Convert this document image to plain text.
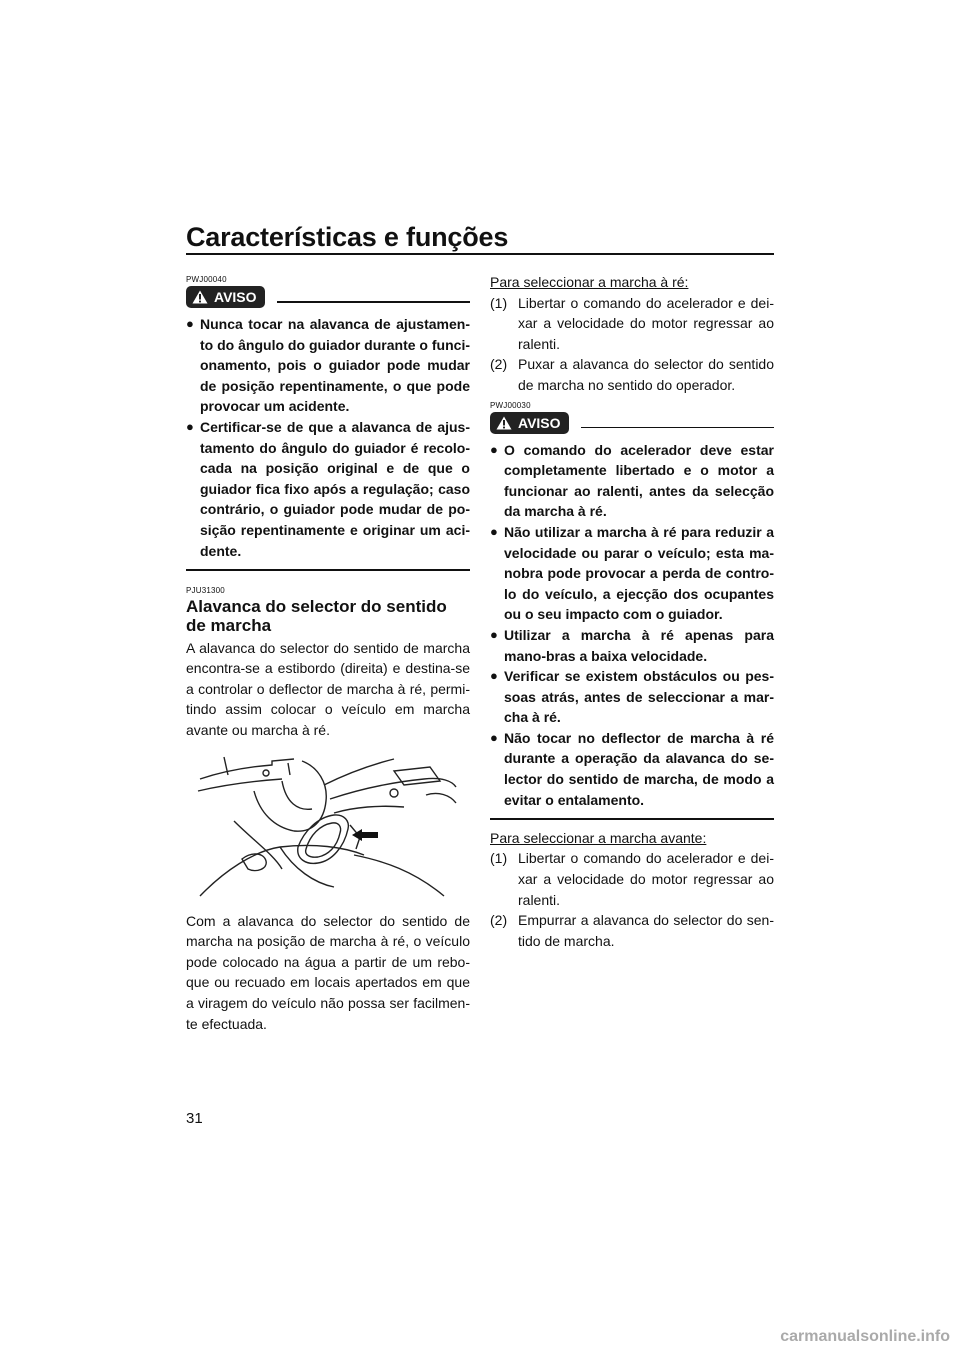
Características e funções

PWJ00040

AVISO
● Nunca tocar na alavanca de ajustamen-to do ângulo do guiador durante o funci-onamento, pois o guiador pode mudar de posição repentinamente, o que pode provocar um acidente.
● Certificar-se de que a alavanca de ajus-tamento do ângulo do guiador é recolo-cada na posição original e de que o guiador fica fixo após a regulação; caso contrário, o guiador pode mudar de po-sição repentinamente e originar um aci-dente.

PJU31300

Alavanca do selector do sentido de marcha

A alavanca do selector do sentido de marcha encontra-se a estibordo (direita) e destina-se a controlar o deflector de marcha à ré, permi-tindo assim colocar o veículo em marcha avante ou marcha à ré.

Com a alavanca do selector do sentido de marcha na posição de marcha à ré, o veículo pode colocado na água a partir de um rebo-que ou recuado em locais apertados em que a viragem do veículo não possa ser facilmen-te efectuada.

Para seleccionar a marcha à ré:

(1) Libertar o comando do acelerador e dei-xar a velocidade do motor regressar ao ralenti.
(2) Puxar a alavanca do selector do sentido de marcha no sentido do operador.

PWJ00030

AVISO
● O comando do acelerador deve estar completamente libertado e o motor a funcionar ao ralenti, antes da selecção da marcha à ré.
● Não utilizar a marcha à ré para reduzir a velocidade ou parar o veículo; esta ma-nobra pode provocar a perda de contro-lo do veículo, a ejecção dos ocupantes ou o seu impacto com o guiador.
● Utilizar a marcha à ré apenas para mano-bras a baixa velocidade.
● Verificar se existem obstáculos ou pes-soas atrás, antes de seleccionar a mar-cha à ré.
● Não tocar no deflector de marcha à ré durante a operação da alavanca do se-lector do sentido de marcha, de modo a evitar o entalamento.

Para seleccionar a marcha avante:

(1) Libertar o comando do acelerador e dei-xar a velocidade do motor regressar ao ralenti.
(2) Empurrar a alavanca do selector do sen-tido de marcha.
31
carmanualsonline.info
